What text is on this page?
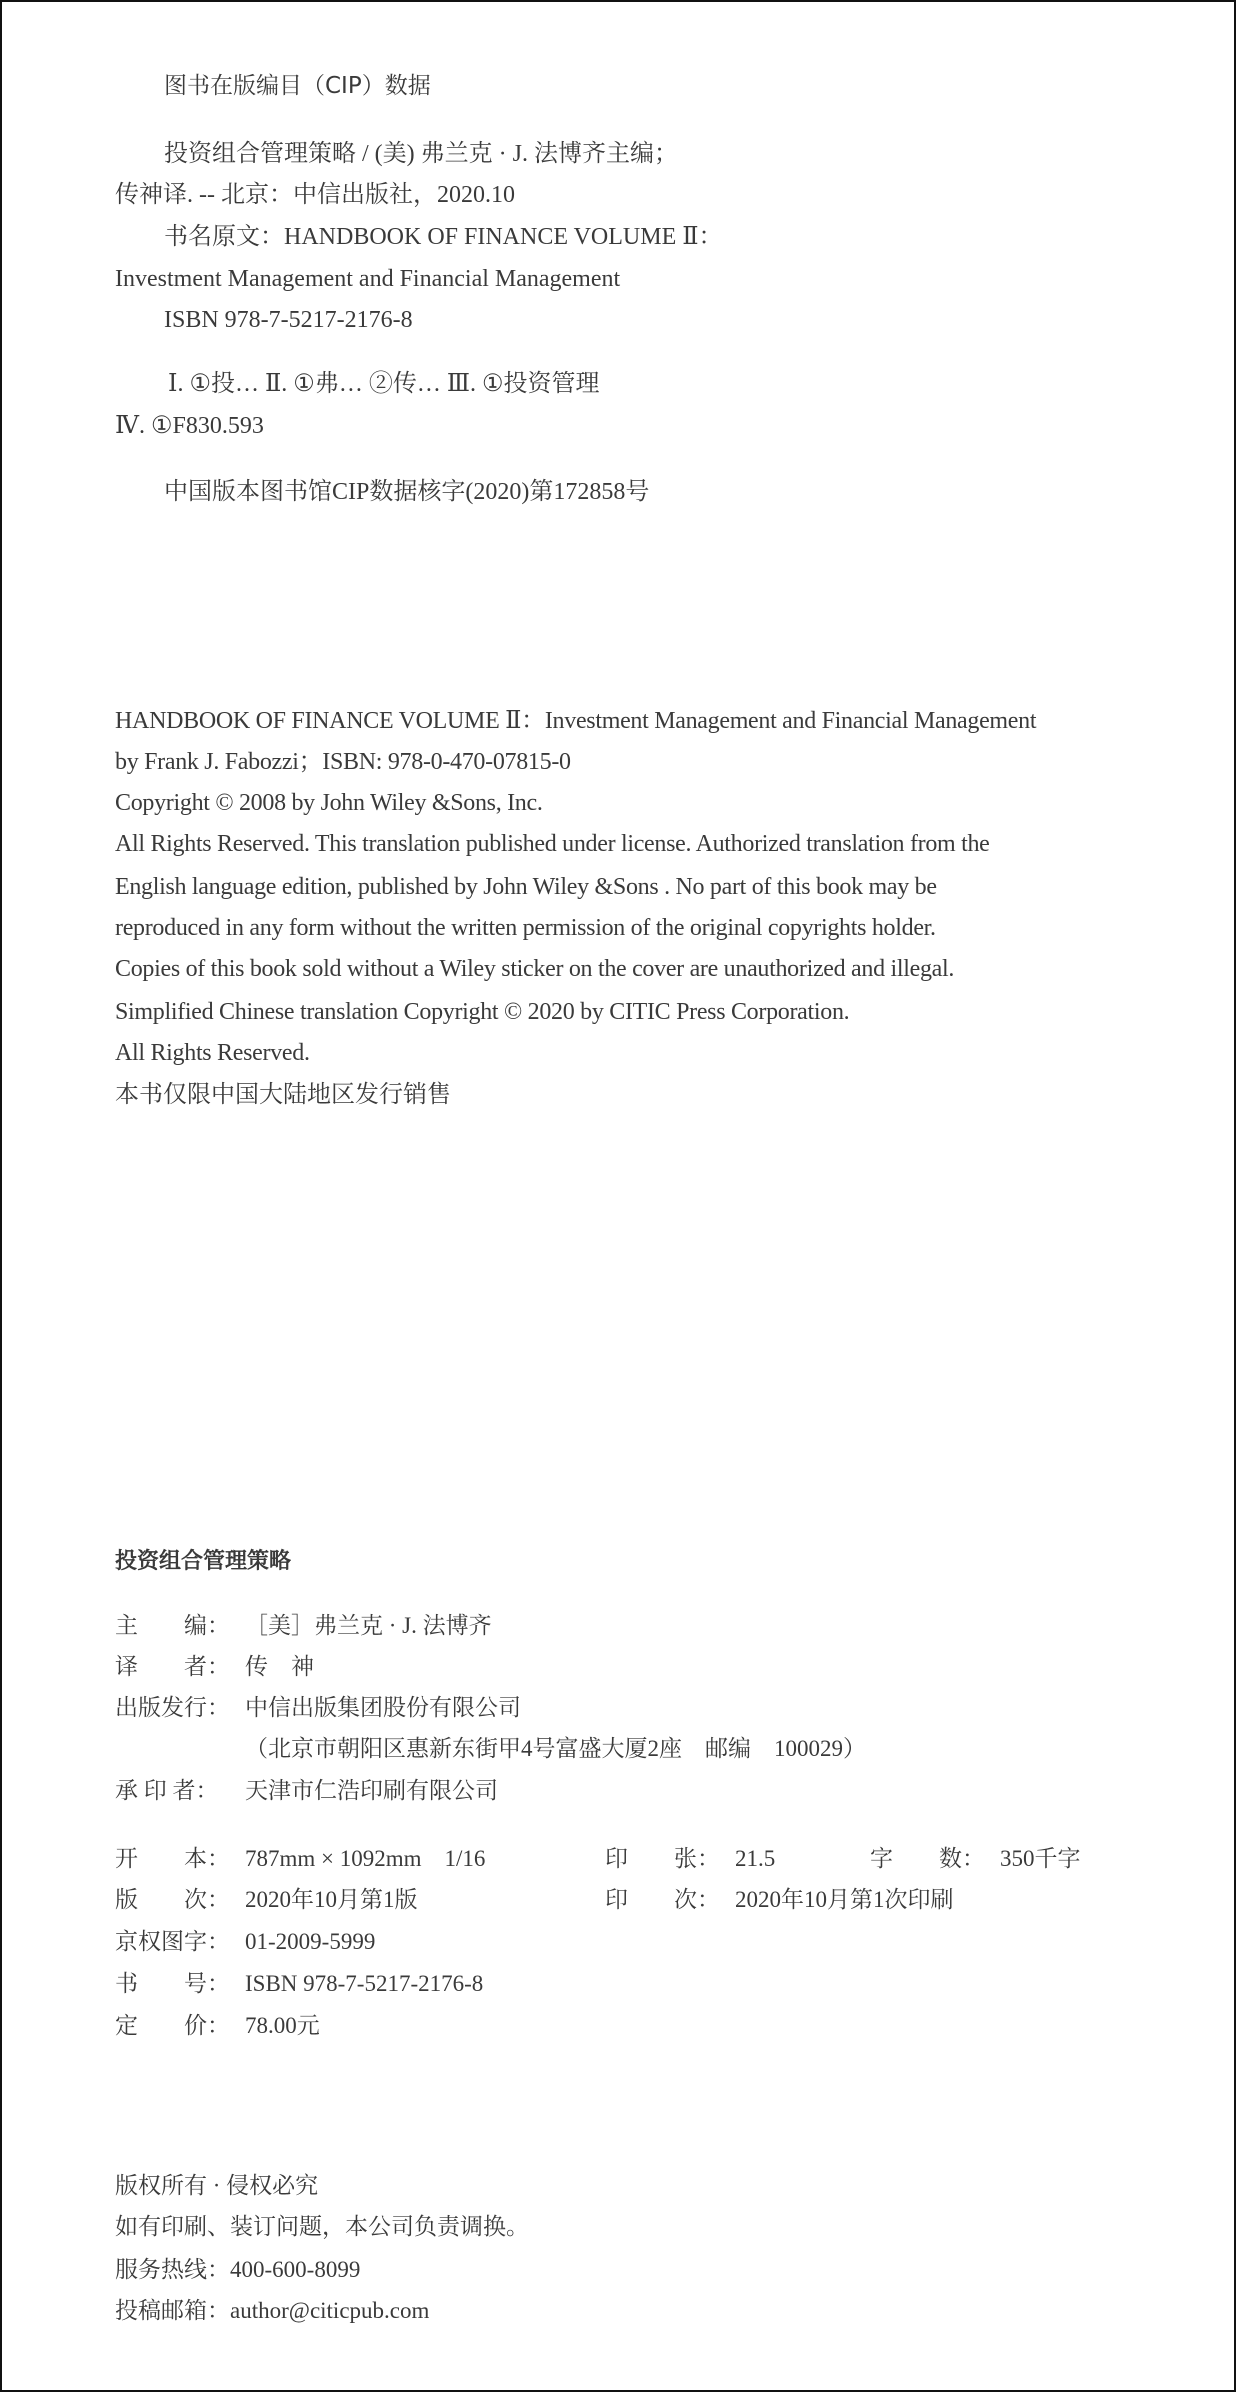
图书在版编目（CIP）数据
投资组合管理策略 / (美) 弗兰克 · J. 法博齐主编；
传神译. -- 北京：中信出版社，2020.10
书名原文：HANDBOOK OF FINANCE VOLUME Ⅱ：
Investment Management and Financial Management
ISBN 978-7-5217-2176-8
Ⅰ. ①投… Ⅱ. ①弗… ②传… Ⅲ. ①投资管理
Ⅳ. ①F830.593
中国版本图书馆CIP数据核字(2020)第172858号
HANDBOOK OF FINANCE VOLUME Ⅱ：Investment Management and Financial Management
by Frank J. Fabozzi；ISBN: 978-0-470-07815-0
Copyright © 2008 by John Wiley &Sons, Inc.
All Rights Reserved. This translation published under license. Authorized translation from the
English language edition, published by John Wiley &Sons . No part of this book may be
reproduced in any form without the written permission of the original copyrights holder.
Copies of this book sold without a Wiley sticker on the cover are unauthorized and illegal.
Simplified Chinese translation Copyright © 2020 by CITIC Press Corporation.
All Rights Reserved.
本书仅限中国大陆地区发行销售
投资组合管理策略
主　　编： ［美］弗兰克 · J. 法博齐
译　　者： 传　神
出版发行： 中信出版集团股份有限公司
（北京市朝阳区惠新东街甲4号富盛大厦2座　邮编　100029）
承 印 者：	天津市仁浩印刷有限公司
开　　本： 787mm × 1092mm　1/16	印　　张： 21.5	字　　数： 350千字
版　　次： 2020年10月第1版	印　　次： 2020年10月第1次印刷
京权图字： 01-2009-5999
书　　号： ISBN 978-7-5217-2176-8
定　　价： 78.00元
版权所有 · 侵权必究
如有印刷、装订问题，本公司负责调换。
服务热线：400-600-8099
投稿邮箱：author@citicpub.com
